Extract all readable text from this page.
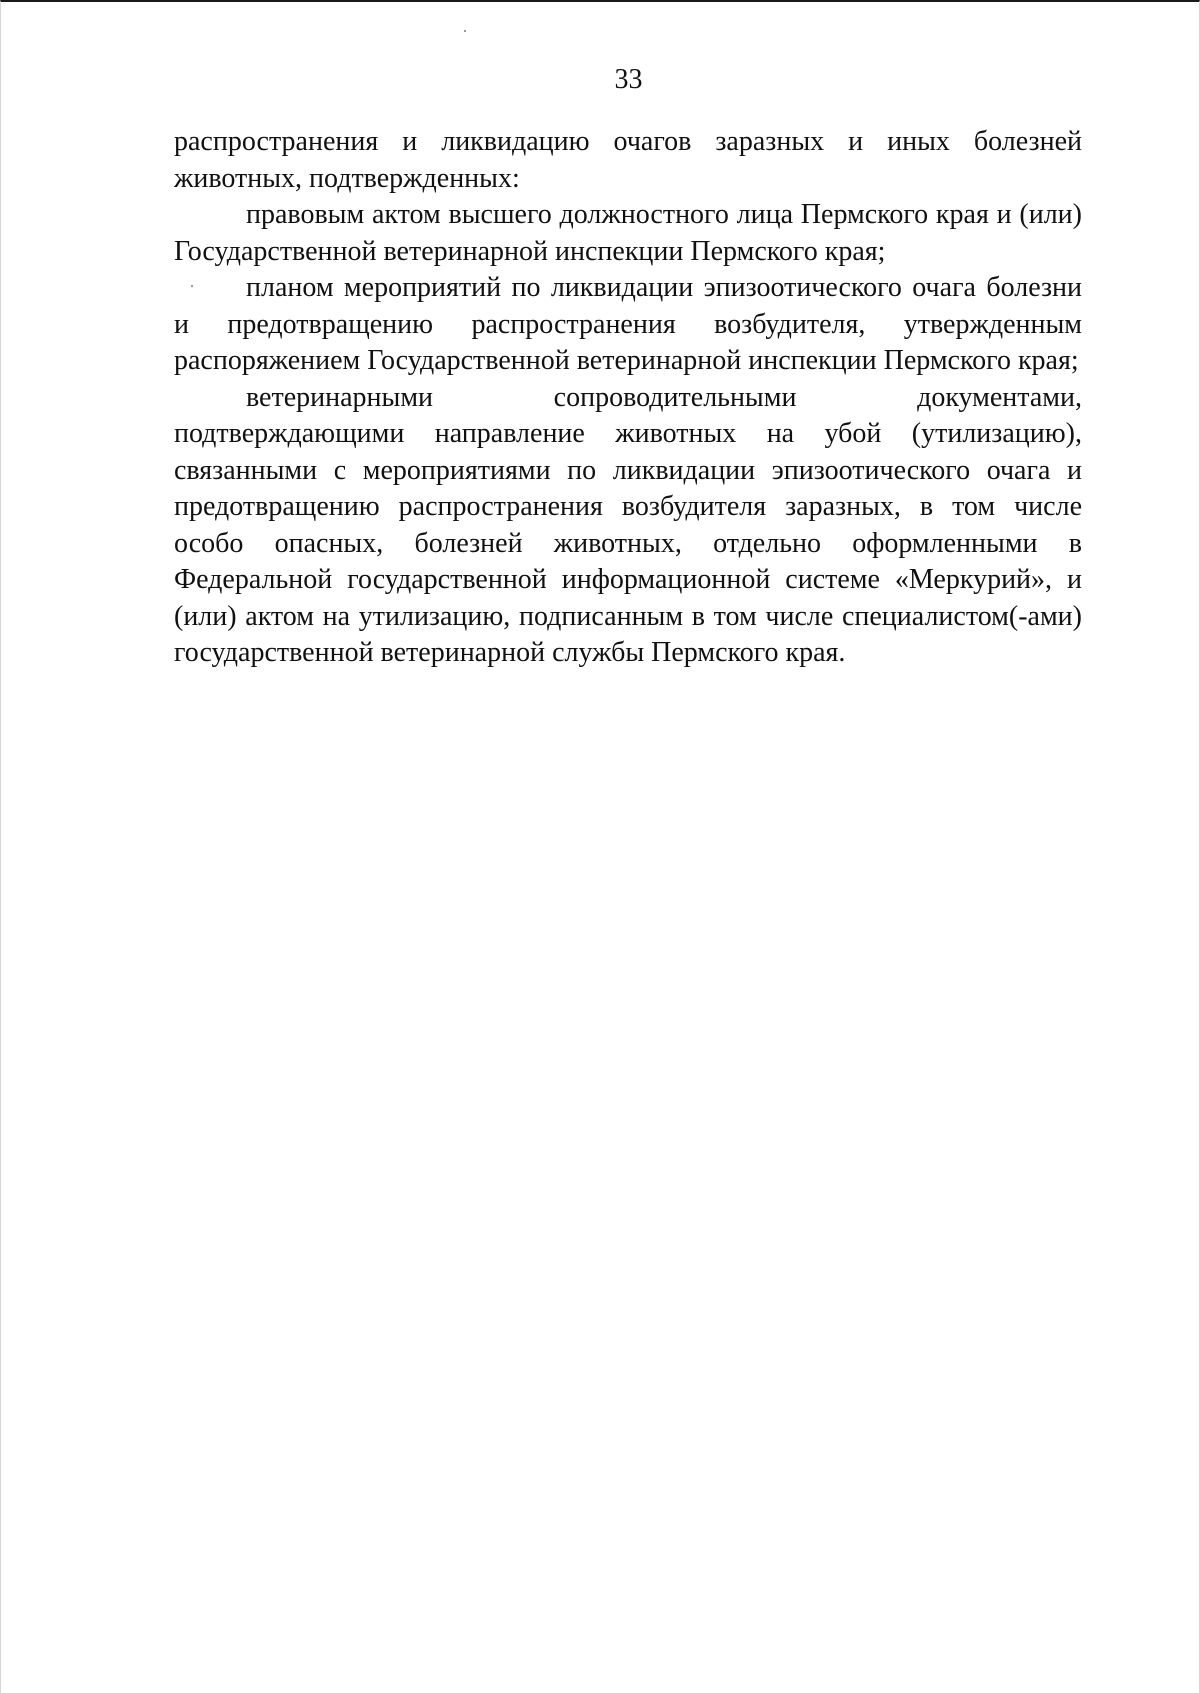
33

распространения и ликвидацию очагов заразных и иных болезней животных, подтвержденных:

правовым актом высшего должностного лица Пермского края и (или) Государственной ветеринарной инспекции Пермского края;

планом мероприятий по ликвидации эпизоотического очага болезни и предотвращению распространения возбудителя, утвержденным распоряжением Государственной ветеринарной инспекции Пермского края;

ветеринарными сопроводительными документами, подтверждающими направление животных на убой (утилизацию), связанными с мероприятиями по ликвидации эпизоотического очага и предотвращению распространения возбудителя заразных, в том числе особо опасных, болезней животных, отдельно оформленными в Федеральной государственной информационной системе «Меркурий», и (или) актом на утилизацию, подписанным в том числе специалистом(-ами) государственной ветеринарной службы Пермского края.
